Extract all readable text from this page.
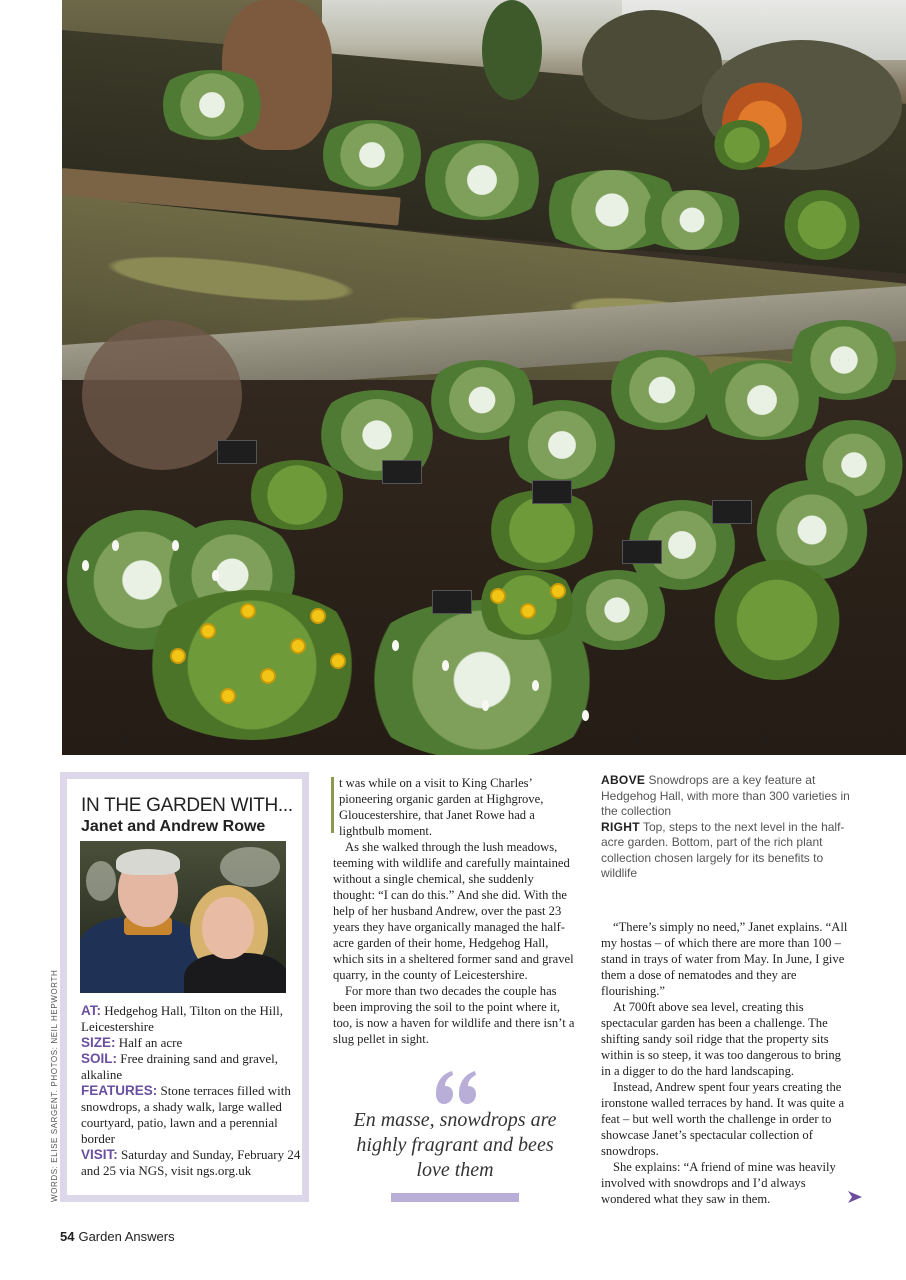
IN THE GARDEN WITH...
Janet and Andrew Rowe

AT: Hedgehog Hall, Tilton on the Hill, Leicestershire

SIZE: Half an acre

SOIL: Free draining sand and gravel, alkaline

FEATURES: Stone terraces filled with snowdrops, a shady walk, large walled courtyard, patio, lawn and a perennial border

VISIT: Saturday and Sunday, February 24 and 25 via NGS, visit ngs.org.uk

WORDS: ELISE SARGENT. PHOTOS: NEIL HEPWORTH

t was while on a visit to King Charles’ pioneering organic garden at Highgrove, Gloucestershire, that Janet Rowe had a lightbulb moment.

As she walked through the lush meadows, teeming with wildlife and carefully maintained without a single chemical, she suddenly thought: “I can do this.” And she did. With the help of her husband Andrew, over the past 23 years they have organically managed the half-acre garden of their home, Hedgehog Hall, which sits in a sheltered former sand and gravel quarry, in the county of Leicestershire.

For more than two decades the couple has been improving the soil to the point where it, too, is now a haven for wildlife and there isn’t a slug pellet in sight.

En masse, snowdrops are highly fragrant and bees love them

ABOVE Snowdrops are a key feature at Hedgehog Hall, with more than 300 varieties in the collection

RIGHT Top, steps to the next level in the half-acre garden. Bottom, part of the rich plant collection chosen largely for its benefits to wildlife

“There’s simply no need,” Janet explains. “All my hostas – of which there are more than 100 – stand in trays of water from May. In June, I give them a dose of nematodes and they are flourishing.”

At 700ft above sea level, creating this spectacular garden has been a challenge. The shifting sandy soil ridge that the property sits within is so steep, it was too dangerous to bring in a digger to do the hard landscaping.

Instead, Andrew spent four years creating the ironstone walled terraces by hand. It was quite a feat – but well worth the challenge in order to showcase Janet’s spectacular collection of snowdrops.

She explains: “A friend of mine was heavily involved with snowdrops and I’d always wondered what they saw in them.

54 Garden Answers
